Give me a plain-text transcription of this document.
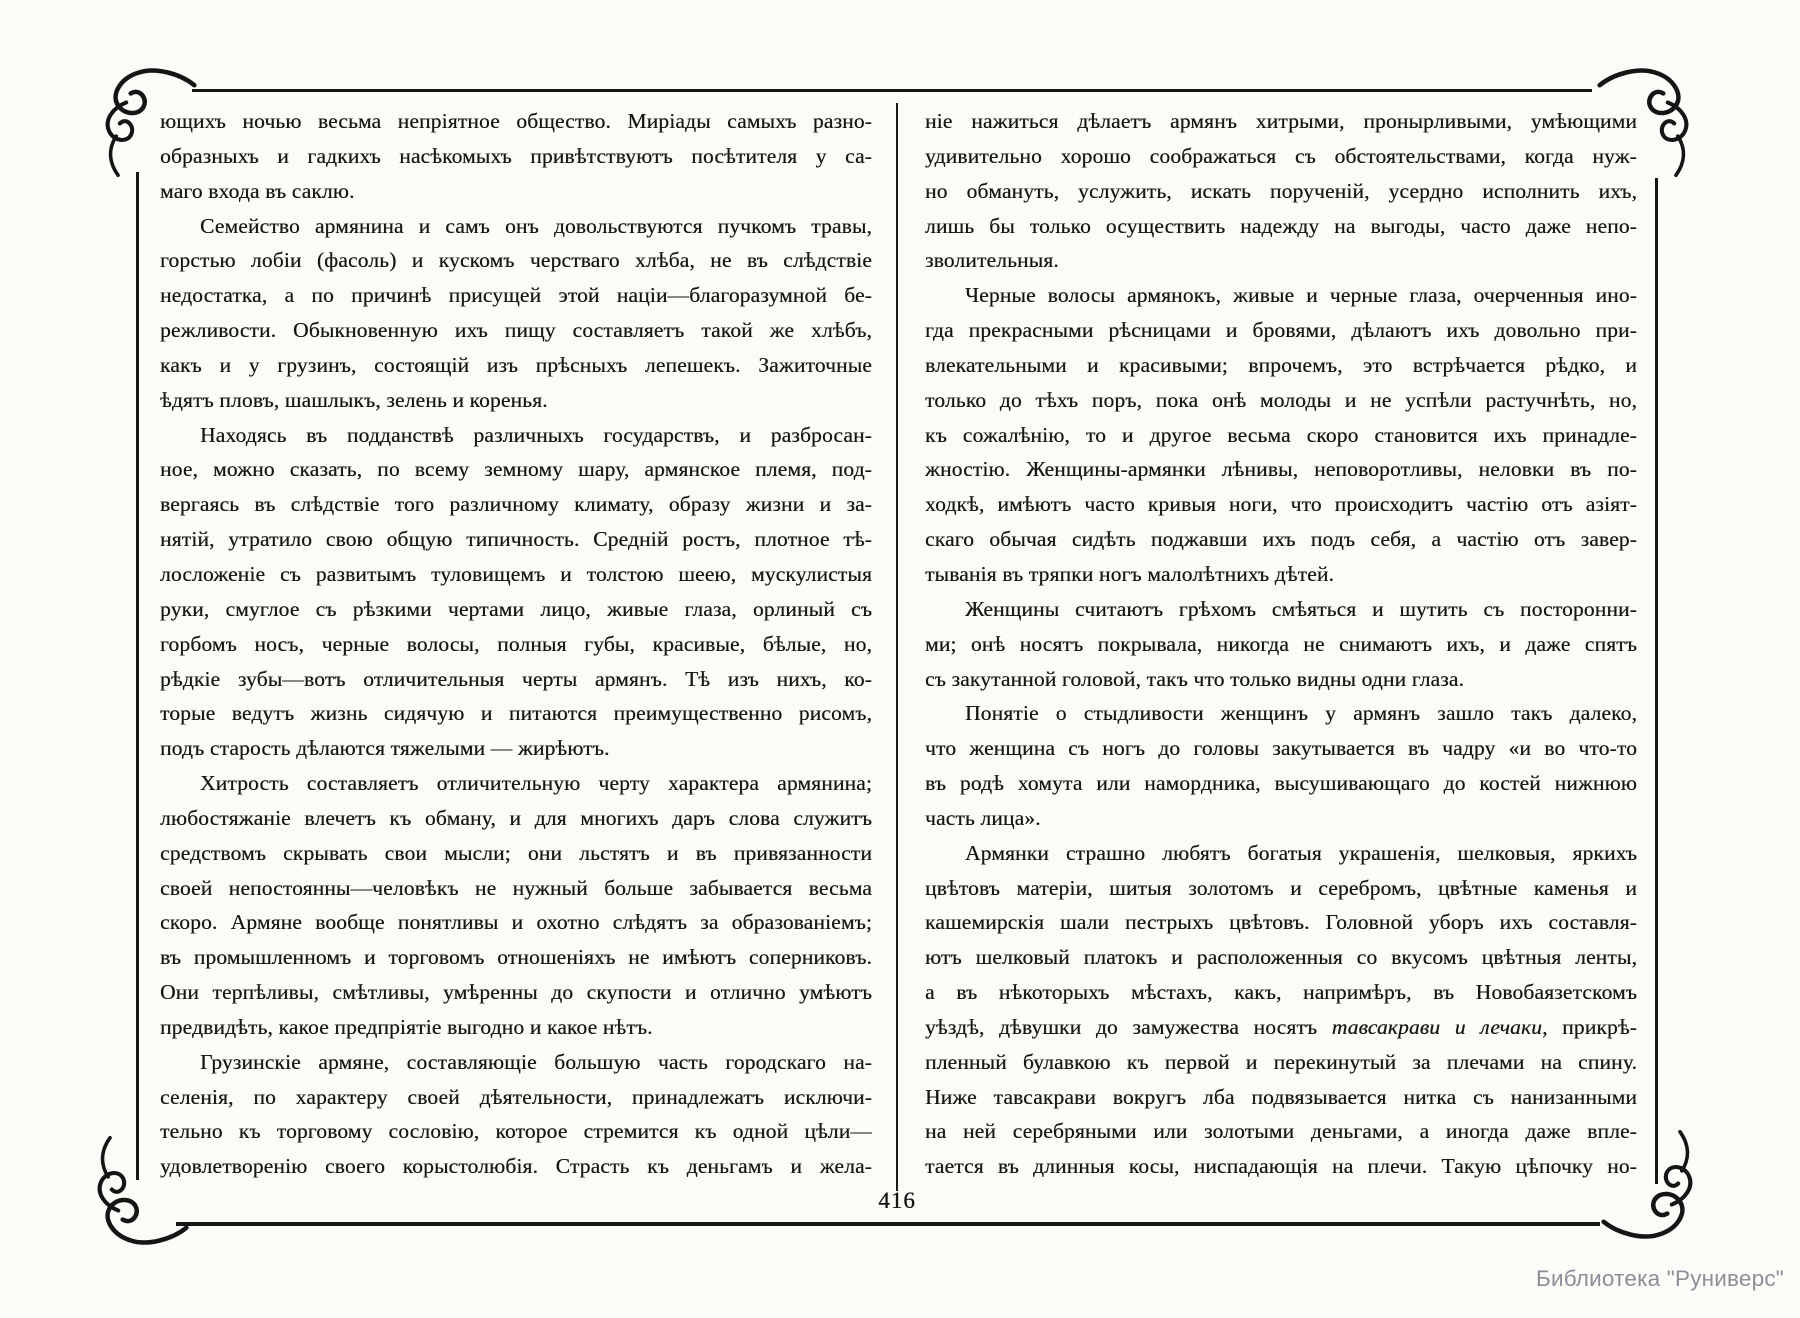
ющихъ ночью весьма непріятное общество. Миріады самыхъ разно-
образныхъ и гадкихъ насѣкомыхъ привѣтствуютъ посѣтителя у са-
маго входа въ саклю.
Семейство армянина и самъ онъ довольствуются пучкомъ травы,
горстью лобіи (фасоль) и кускомъ черстваго хлѣба, не въ слѣдствіе
недостатка, а по причинѣ присущей этой націи—благоразумной бе-
режливости. Обыкновенную ихъ пищу составляетъ такой же хлѣбъ,
какъ и у грузинъ, состоящій изъ прѣсныхъ лепешекъ. Зажиточные
ѣдятъ пловъ, шашлыкъ, зелень и коренья.
Находясь въ подданствѣ различныхъ государствъ, и разбросан-
ное, можно сказать, по всему земному шару, армянское племя, под-
вергаясь въ слѣдствіе того различному климату, образу жизни и за-
нятій, утратило свою общую типичность. Средній ростъ, плотное тѣ-
лосложеніе съ развитымъ туловищемъ и толстою шеею, мускулистыя
руки, смуглое съ рѣзкими чертами лицо, живые глаза, орлиный съ
горбомъ носъ, черные волосы, полныя губы, красивые, бѣлые, но,
рѣдкіе зубы—вотъ отличительныя черты армянъ. Тѣ изъ нихъ, ко-
торые ведутъ жизнь сидячую и питаются преимущественно рисомъ,
подъ старость дѣлаются тяжелыми — жирѣютъ.
Хитрость составляетъ отличительную черту характера армянина;
любостяжаніе влечетъ къ обману, и для многихъ даръ слова служитъ
средствомъ скрывать свои мысли; они льстятъ и въ привязанности
своей непостоянны—человѣкъ не нужный больше забывается весьма
скоро. Армяне вообще понятливы и охотно слѣдятъ за образованіемъ;
въ промышленномъ и торговомъ отношеніяхъ не имѣютъ соперниковъ.
Они терпѣливы, смѣтливы, умѣренны до скупости и отлично умѣютъ
предвидѣть, какое предпріятіе выгодно и какое нѣтъ.
Грузинскіе армяне, составляющіе большую часть городскаго на-
селенія, по характеру своей дѣятельности, принадлежатъ исключи-
тельно къ торговому сословію, которое стремится къ одной цѣли—
удовлетворенію своего корыстолюбія. Страсть къ деньгамъ и жела-
ніе нажиться дѣлаетъ армянъ хитрыми, пронырливыми, умѣющими
удивительно хорошо соображаться съ обстоятельствами, когда нуж-
но обмануть, услужить, искать порученій, усердно исполнить ихъ,
лишь бы только осуществить надежду на выгоды, часто даже непо-
зволительныя.
Черные волосы армянокъ, живые и черные глаза, очерченныя ино-
гда прекрасными рѣсницами и бровями, дѣлаютъ ихъ довольно при-
влекательными и красивыми; впрочемъ, это встрѣчается рѣдко, и
только до тѣхъ поръ, пока онѣ молоды и не успѣли растучнѣть, но,
къ сожалѣнію, то и другое весьма скоро становится ихъ принадле-
жностію. Женщины-армянки лѣнивы, неповоротливы, неловки въ по-
ходкѣ, имѣютъ часто кривыя ноги, что происходитъ частію отъ азіят-
скаго обычая сидѣть поджавши ихъ подъ себя, а частію отъ завер-
тыванія въ тряпки ногъ малолѣтнихъ дѣтей.
Женщины считаютъ грѣхомъ смѣяться и шутить съ посторонни-
ми; онѣ носятъ покрывала, никогда не снимаютъ ихъ, и даже спятъ
съ закутанной головой, такъ что только видны одни глаза.
Понятіе о стыдливости женщинъ у армянъ зашло такъ далеко,
что женщина съ ногъ до головы закутывается въ чадру «и во что-то
въ родѣ хомута или намордника, высушивающаго до костей нижнюю
часть лица».
Армянки страшно любятъ богатыя украшенія, шелковыя, яркихъ
цвѣтовъ матеріи, шитыя золотомъ и серебромъ, цвѣтные каменья и
кашемирскія шали пестрыхъ цвѣтовъ. Головной уборъ ихъ составля-
ютъ шелковый платокъ и расположенныя со вкусомъ цвѣтныя ленты,
а въ нѣкоторыхъ мѣстахъ, какъ, напримѣръ, въ Новобаязетскомъ
уѣздѣ, дѣвушки до замужества носятъ тавсакрави и лечаки, прикрѣ-
пленный булавкою къ первой и перекинутый за плечами на спину.
Ниже тавсакрави вокругъ лба подвязывается нитка съ нанизанными
на ней серебряными или золотыми деньгами, а иногда даже впле-
тается въ длинныя косы, ниспадающія на плечи. Такую цѣпочку но-
416
Библиотека "Руниверс"
